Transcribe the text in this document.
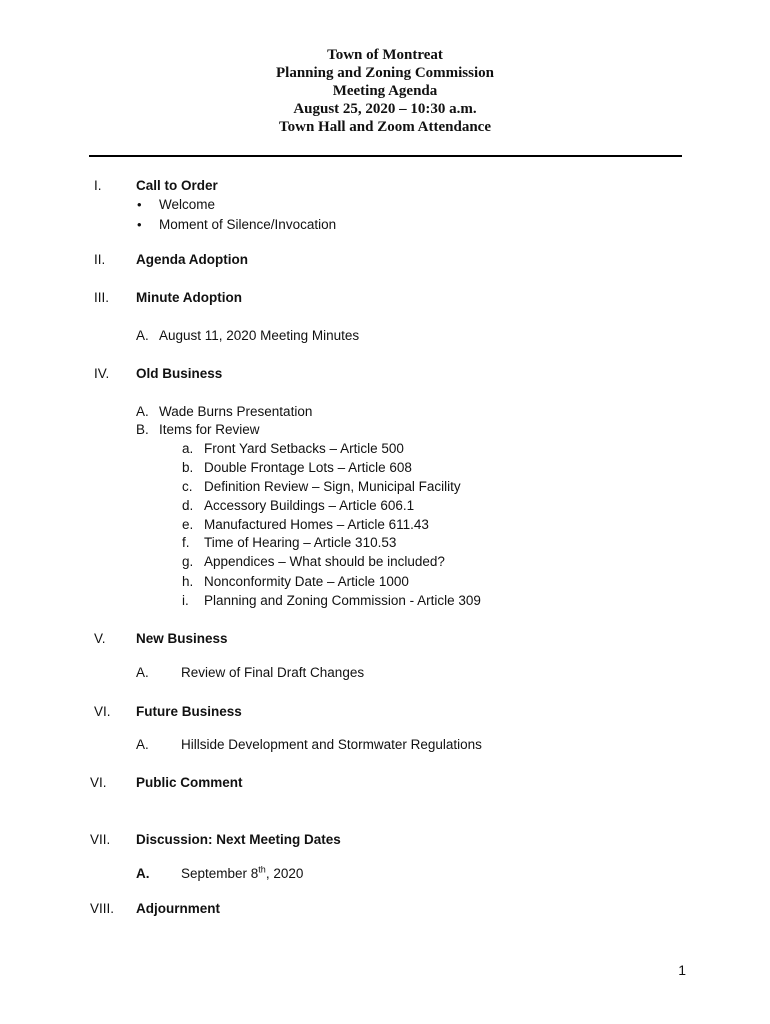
Town of Montreat
Planning and Zoning Commission
Meeting Agenda
August 25, 2020 – 10:30 a.m.
Town Hall and Zoom Attendance
I.	Call to Order
• Welcome
• Moment of Silence/Invocation
II. Agenda Adoption
III. Minute Adoption
A. August 11, 2020 Meeting Minutes
IV. Old Business
A. Wade Burns Presentation
B. Items for Review
a. Front Yard Setbacks – Article 500
b. Double Frontage Lots – Article 608
c. Definition Review – Sign, Municipal Facility
d. Accessory Buildings – Article 606.1
e. Manufactured Homes – Article 611.43
f. Time of Hearing – Article 310.53
g. Appendices – What should be included?
h. Nonconformity Date – Article 1000
i. Planning and Zoning Commission - Article 309
V. New Business
A. Review of Final Draft Changes
VI. Future Business
A. Hillside Development and Stormwater Regulations
VI. Public Comment
VII. Discussion: Next Meeting Dates
A. September 8th, 2020
VIII. Adjournment
1
